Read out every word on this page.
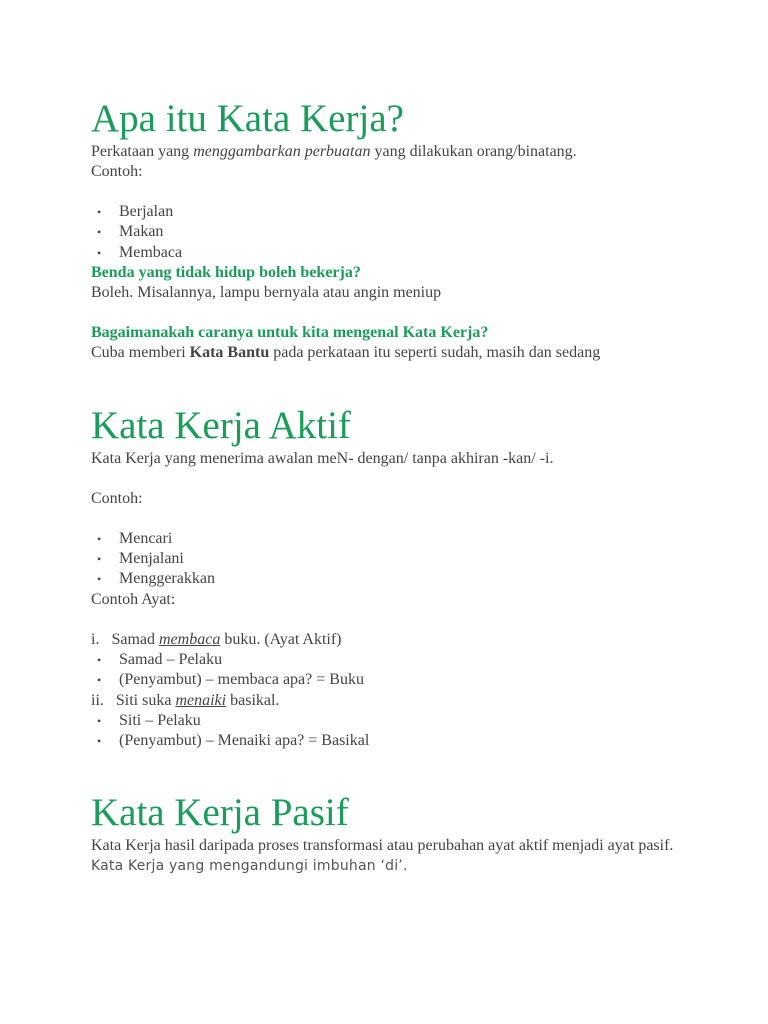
Apa itu Kata Kerja?

Perkataan yang menggambarkan perbuatan yang dilakukan orang/binatang.

Contoh:

• Berjalan
• Makan
• Membaca

Benda yang tidak hidup boleh bekerja?

Boleh. Misalannya, lampu bernyala atau angin meniup

Bagaimanakah caranya untuk kita mengenal Kata Kerja?

Cuba memberi Kata Bantu pada perkataan itu seperti sudah, masih dan sedang

Kata Kerja Aktif

Kata Kerja yang menerima awalan meN- dengan/ tanpa akhiran -kan/ -i.

Contoh:

• Mencari
• Menjalani
• Menggerakkan

Contoh Ayat:

i.   Samad membaca buku. (Ayat Aktif)

• Samad – Pelaku
• (Penyambut) – membaca apa? = Buku

ii.   Siti suka menaiki basikal.

• Siti – Pelaku
• (Penyambut) – Menaiki apa? = Basikal
Kata Kerja Pasif

Kata Kerja hasil daripada proses transformasi atau perubahan ayat aktif menjadi ayat pasif.

Kata Kerja yang mengandungi imbuhan ‘di’.
